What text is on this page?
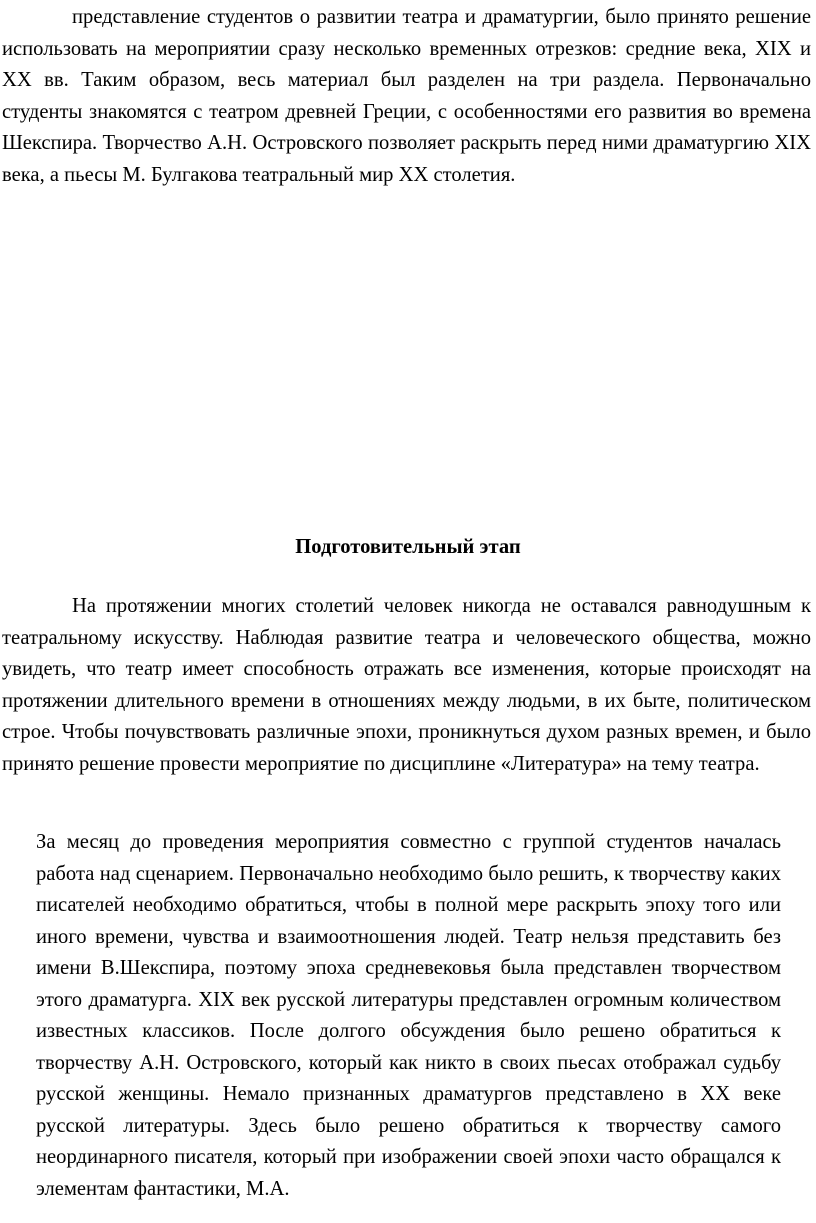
представление студентов о развитии театра и драматургии, было принято решение использовать на мероприятии сразу несколько временных отрезков: средние века, XIX и XX вв. Таким образом, весь материал был разделен на три раздела. Первоначально студенты знакомятся с театром древней Греции, с особенностями его развития во времена Шекспира. Творчество А.Н. Островского позволяет раскрыть перед ними драматургию XIX века, а пьесы М. Булгакова театральный мир XX столетия.

Подготовительный этап

На протяжении многих столетий человек никогда не оставался равнодушным к театральному искусству. Наблюдая развитие театра и человеческого общества, можно увидеть, что театр имеет способность отражать все изменения, которые происходят на протяжении длительного времени в отношениях между людьми, в их быте, политическом строе. Чтобы почувствовать различные эпохи, проникнуться духом разных времен, и было принято решение провести мероприятие по дисциплине «Литература» на тему театра.

За месяц до проведения мероприятия совместно с группой студентов началась работа над сценарием. Первоначально необходимо было решить, к творчеству каких писателей необходимо обратиться, чтобы в полной мере раскрыть эпоху того или иного времени, чувства и взаимоотношения людей. Театр нельзя представить без имени В.Шекспира, поэтому эпоха средневековья была представлен творчеством этого драматурга. XIX век русской литературы представлен огромным количеством известных классиков. После долгого обсуждения было решено обратиться к творчеству А.Н. Островского, который как никто в своих пьесах отображал судьбу русской женщины. Немало признанных драматургов представлено в XX веке русской литературы. Здесь было решено обратиться к творчеству самого неординарного писателя, который при изображении своей эпохи часто обращался к элементам фантастики, М.А.
